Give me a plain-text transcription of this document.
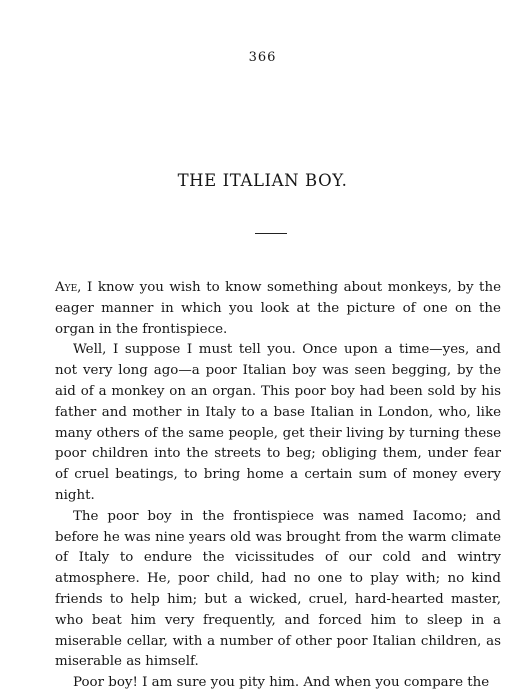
366
THE ITALIAN BOY.

Aye, I know you wish to know something about monkeys, by the eager manner in which you look at the picture of one on the organ in the frontispiece.

Well, I suppose I must tell you. Once upon a time—yes, and not very long ago—a poor Italian boy was seen begging, by the aid of a monkey on an organ. This poor boy had been sold by his father and mother in Italy to a base Italian in London, who, like many others of the same people, get their living by turning these poor children into the streets to beg; obliging them, under fear of cruel beatings, to bring home a certain sum of money every night.

The poor boy in the frontispiece was named Iacomo; and before he was nine years old was brought from the warm climate of Italy to endure the vicissitudes of our cold and wintry atmosphere. He, poor child, had no one to play with; no kind friends to help him; but a wicked, cruel, hard-hearted master, who beat him very frequently, and forced him to sleep in a miserable cellar, with a number of other poor Italian children, as miserable as himself.

Poor boy! I am sure you pity him. And when you compare the
